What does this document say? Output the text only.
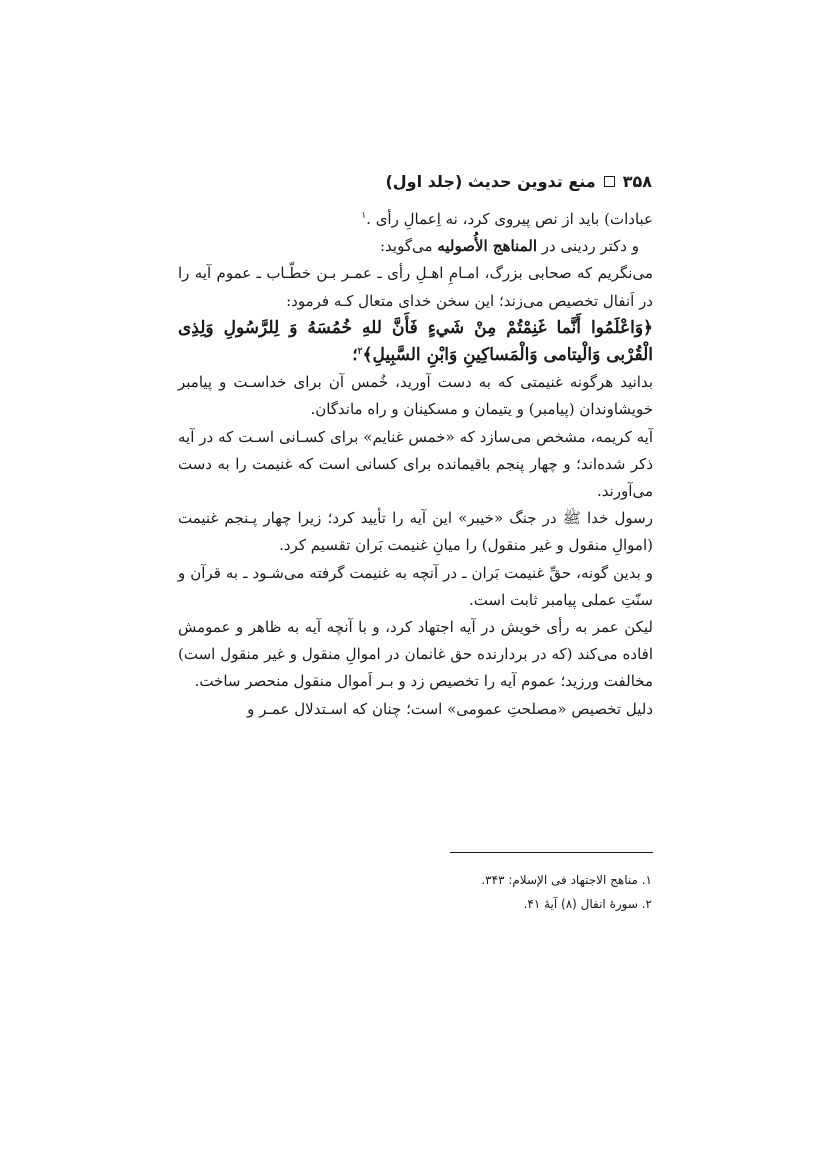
۳۵۸
منع تدوین حدیث (جلد اول)

عبادات) باید از نص پیروی کرد، نه اِعمالِ رأی .$^۱$

و دکتر ردینی در المناهج الأُصولیه می‌گوید:

می‌نگریم که صحابی بزرگ، امـامِ اهـلِ رأی ـ عمـر بـن خطّـاب ـ عموم آیه را در اَنفال تخصیص می‌زند؛ این سخن خدای متعال کـه فرمود:

﴿وَاعْلَمُوا أَنَّما غَنِمْتُمْ مِنْ شَيءٍ فَأَنَّ للهِ خُمُسَهُ وَ لِلرَّسُولِ وَلِذِی الْقُرْبی وَالْيتامی وَالْمَساكِينِ وَابْنِ السَّبِيلِ﴾$^۲$؛

بدانید هرگونه غنیمتی که به دست آورید، خُمس آن برای خداسـت و پیامبر خویشاوندان (پیامبر) و یتیمان و مسکینان و راه ماندگان.

آیه کریمه، مشخص می‌سازد که «خمس غنایم» برای کسـانی اسـت که در آیه ذکر شده‌اند؛ و چهار پنجم باقیمانده برای کسانی است که غنیمت را به دست می‌آورند.

رسول خدا ﷺ در جنگ «خیبر» این آیه را تأیید کرد؛ زیرا چهار پـنجم غنیمت (اموالِ منقول و غیر منقول) را میانِ غنیمت بَران تقسیم کرد.

و بدین گونه، حقِّ غنیمت بَران ـ در آنچه به غنیمت گرفته می‌شـود ـ به قرآن و سنّتِ عملی پیامبر ثابت است.

لیکن عمر به رأی خویش در آیه اجتهاد کرد، و با آنچه آیه به ظاهر و عمومش افاده می‌کند (که در بردارنده حق غانمان در اموالِ منقول و غیر منقول است) مخالفت ورزید؛ عموم آیه را تخصیص زد و بـر اَموال منقول منحصر ساخت.

دلیل تخصیص «مصلحتِ عمومی» است؛ چنان که اسـتدلال عمـر و

۱. مناهج الاجتهاد فی الإسلام: ۳۴۳.

۲. سورهٔ انفال (۸) آیهٔ ۴۱.
